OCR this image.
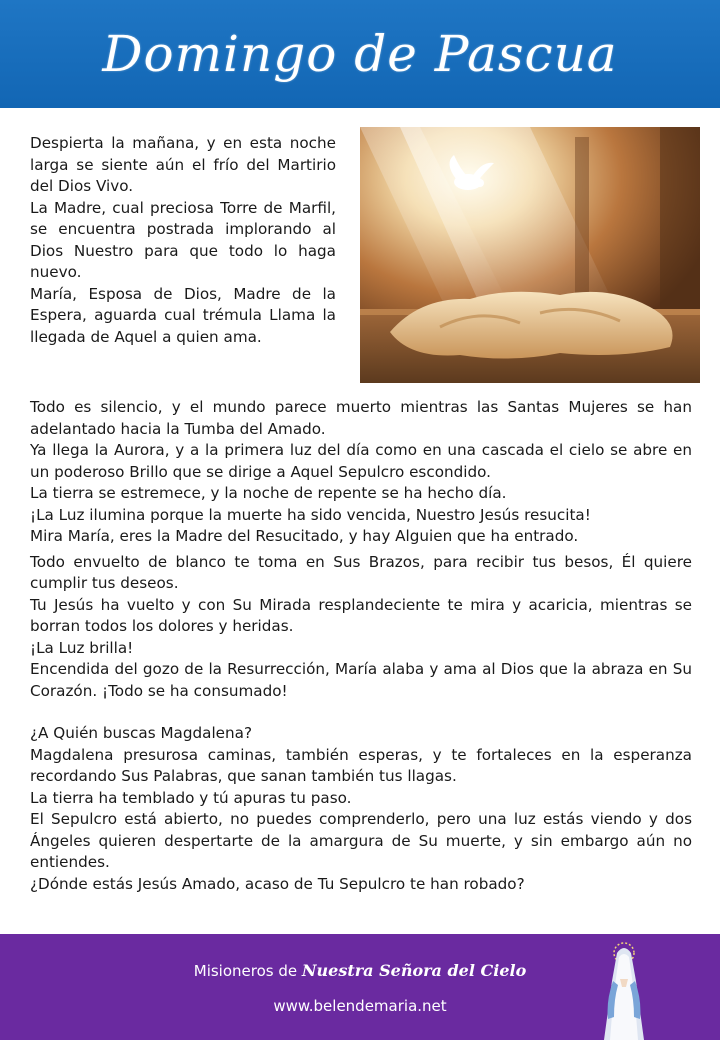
Domingo de Pascua

Despierta la mañana, y en esta noche larga se siente aún el frío del Martirio del Dios Vivo.

La Madre, cual preciosa Torre de Marfil, se encuentra postrada implorando al Dios Nuestro para que todo lo haga nuevo.

María, Esposa de Dios, Madre de la Espera, aguarda cual trémula Llama la llegada de Aquel a quien ama.

Todo es silencio, y el mundo parece muerto mientras las Santas Mujeres se han adelantado hacia la Tumba del Amado.

Ya llega la Aurora, y a la primera luz del día como en una cascada el cielo se abre en un poderoso Brillo que se dirige a Aquel Sepulcro escondido.

La tierra se estremece, y la noche de repente se ha hecho día.

¡La Luz ilumina porque la muerte ha sido vencida, Nuestro Jesús resucita!

Mira María, eres la Madre del Resucitado, y hay Alguien que ha entrado.

Todo envuelto de blanco te toma en Sus Brazos, para recibir tus besos, Él quiere cumplir tus deseos.

Tu Jesús ha vuelto y con Su Mirada resplandeciente te mira y acaricia, mientras se borran todos los dolores y heridas.

¡La Luz brilla!

Encendida del gozo de la Resurrección, María alaba y ama al Dios que la abraza en Su Corazón. ¡Todo se ha consumado!

¿A Quién buscas Magdalena?

Magdalena presurosa caminas, también esperas, y te fortaleces en la esperanza recordando Sus Palabras, que sanan también tus llagas.

La tierra ha temblado y tú apuras tu paso.

El Sepulcro está abierto, no puedes comprenderlo, pero una luz estás viendo y dos Ángeles quieren despertarte de la amargura de Su muerte, y sin embargo aún no entiendes.

¿Dónde estás Jesús Amado, acaso de Tu Sepulcro te han robado?

Misioneros de Nuestra Señora del Cielo
www.belendemaria.net
